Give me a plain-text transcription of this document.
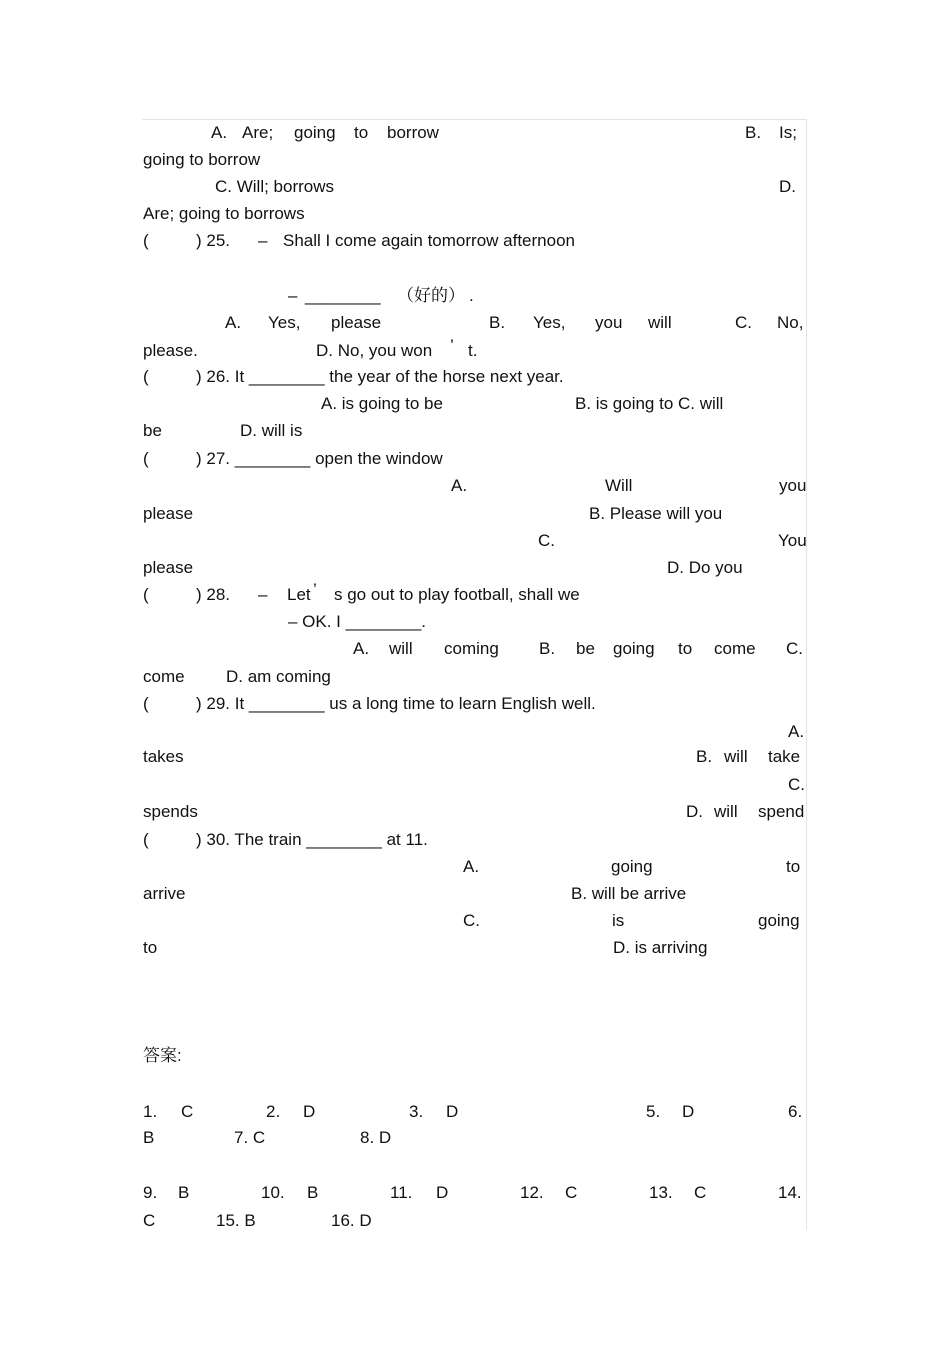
A. Are; going to borrow	B. Is;
going to borrow
C. Will; borrows	D.
Are; going to borrows
(	) 25. – Shall I come again tomorrow afternoon
– ________ （好的） .
A. Yes, please	B. Yes, you will	C. No,
please.	D. No, you won ’ t.
(	) 26. It ________ the year of the horse next year.
A. is going to be	B. is going to C. will
be	D. will is
(	) 27. ________ open the window
A.	Will	you
please	B. Please will you
C.	You
please	D. Do you
(	) 28. – Let ’ s go out to play football, shall we
– OK. I ________.
A. will coming B. be going to come C.
come D. am coming
(	) 29. It ________ us a long time to learn English well.
A.
takes	B. will take
C.
spends	D. will spend
(	) 30. The train ________ at 11.
A.	going	to
arrive	B. will be arrive
C.	is	going
to	D. is arriving
答案:
1. C	2. D	3. D	5. D	6.
B	7. C	8. D
9. B	10. B	11. D	12. C	13. C	14.
C	15. B	16. D
